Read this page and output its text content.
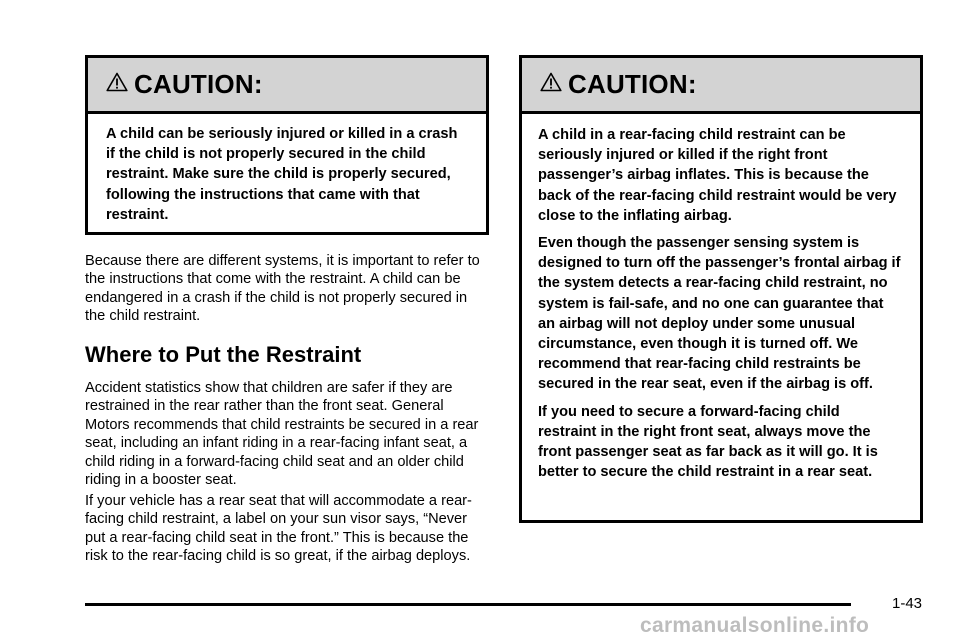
CAUTION:

A child can be seriously injured or killed in a crash if the child is not properly secured in the child restraint. Make sure the child is properly secured, following the instructions that came with that restraint.

Because there are different systems, it is important to refer to the instructions that come with the restraint. A child can be endangered in a crash if the child is not properly secured in the child restraint.

Where to Put the Restraint

Accident statistics show that children are safer if they are restrained in the rear rather than the front seat. General Motors recommends that child restraints be secured in a rear seat, including an infant riding in a rear-facing infant seat, a child riding in a forward-facing child seat and an older child riding in a booster seat.

If your vehicle has a rear seat that will accommodate a rear-facing child restraint, a label on your sun visor says, “Never put a rear-facing child seat in the front.” This is because the risk to the rear-facing child is so great, if the airbag deploys.

CAUTION:

A child in a rear-facing child restraint can be seriously injured or killed if the right front passenger’s airbag inflates. This is because the back of the rear-facing child restraint would be very close to the inflating airbag.

Even though the passenger sensing system is designed to turn off the passenger’s frontal airbag if the system detects a rear-facing child restraint, no system is fail-safe, and no one can guarantee that an airbag will not deploy under some unusual circumstance, even though it is turned off. We recommend that rear-facing child restraints be secured in the rear seat, even if the airbag is off.

If you need to secure a forward-facing child restraint in the right front seat, always move the front passenger seat as far back as it will go. It is better to secure the child restraint in a rear seat.

1-43
carmanualsonline.info
